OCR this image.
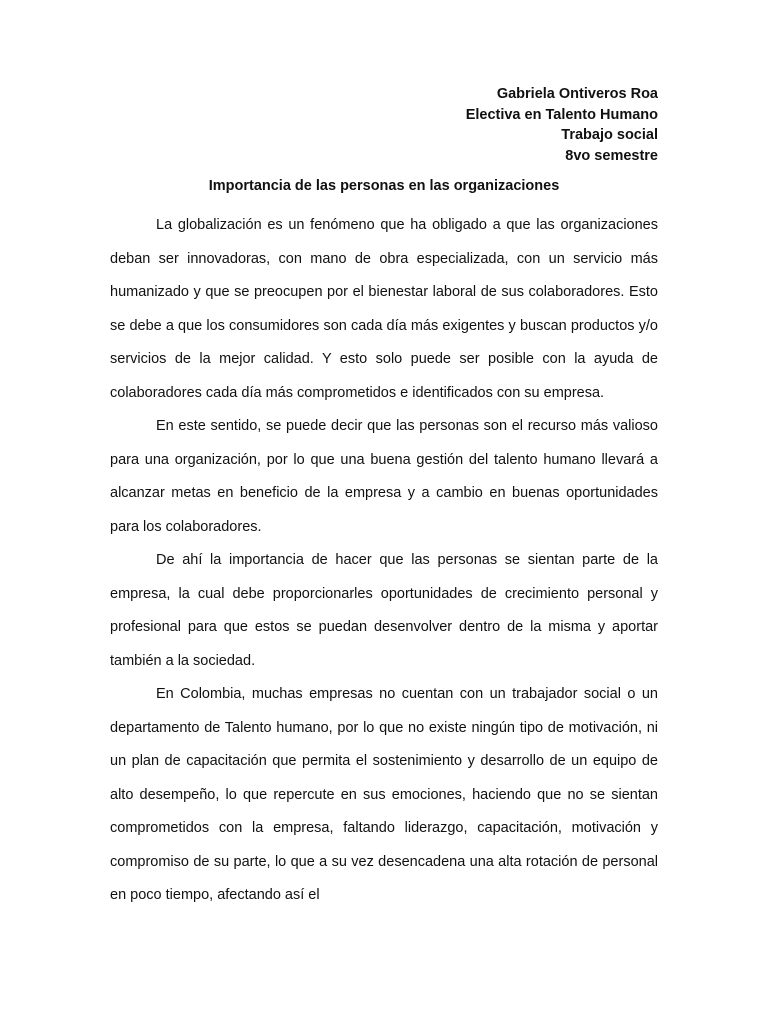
Gabriela Ontiveros Roa
Electiva en Talento Humano
Trabajo social
8vo semestre
Importancia de las personas en las organizaciones

La globalización es un fenómeno que ha obligado a que las organizaciones deban ser innovadoras, con mano de obra especializada, con un servicio más humanizado y que se preocupen por el bienestar laboral de sus colaboradores. Esto se debe a que los consumidores son cada día más exigentes y buscan productos y/o servicios de la mejor calidad. Y esto solo puede ser posible con la ayuda de colaboradores cada día más comprometidos e identificados con su empresa.

En este sentido, se puede decir que las personas son el recurso más valioso para una organización, por lo que una buena gestión del talento humano llevará a alcanzar metas en beneficio de la empresa y a cambio en buenas oportunidades para los colaboradores.

De ahí la importancia de hacer que las personas se sientan parte de la empresa, la cual debe proporcionarles oportunidades de crecimiento personal y profesional para que estos se puedan desenvolver dentro de la misma y aportar también a la sociedad.

En Colombia, muchas empresas no cuentan con un trabajador social o un departamento de Talento humano, por lo que no existe ningún tipo de motivación, ni un plan de capacitación que permita el sostenimiento y desarrollo de un equipo de alto desempeño, lo que repercute en sus emociones, haciendo que no se sientan comprometidos con la empresa, faltando liderazgo, capacitación, motivación y compromiso de su parte, lo que a su vez desencadena una alta rotación de personal en poco tiempo, afectando así el
